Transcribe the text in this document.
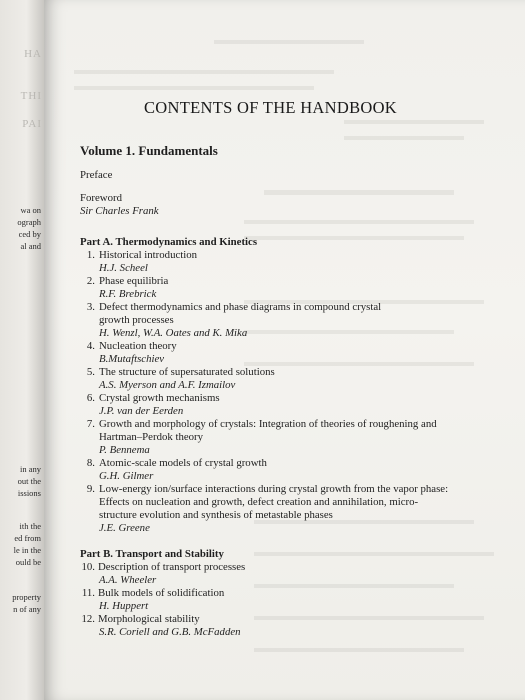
HA
THI
PAI
wa on
ograph
ced by
al and
in any
out the
issions
ith the
ed from
le in the
ould be
property
n of any
CONTENTS OF THE HANDBOOK
Volume 1. Fundamentals
Preface
Foreword
Sir Charles Frank
Part A. Thermodynamics and Kinetics
1. Historical introduction
H.J. Scheel
2. Phase equilibria
R.F. Brebrick
3. Defect thermodynamics and phase diagrams in compound crystal
growth processes
H. Wenzl, W.A. Oates and K. Mika
4. Nucleation theory
B.Mutaftschiev
5. The structure of supersaturated solutions
A.S. Myerson and A.F. Izmailov
6. Crystal growth mechanisms
J.P. van der Eerden
7. Growth and morphology of crystals: Integration of theories of roughening and
Hartman–Perdok theory
P. Bennema
8. Atomic-scale models of crystal growth
G.H. Gilmer
9. Low-energy ion/surface interactions during crystal growth from the vapor phase:
Effects on nucleation and growth, defect creation and annihilation, micro-
structure evolution and synthesis of metastable phases
J.E. Greene
Part B. Transport and Stability
10. Description of transport processes
A.A. Wheeler
11. Bulk models of solidification
H. Huppert
12. Morphological stability
S.R. Coriell and G.B. McFadden
